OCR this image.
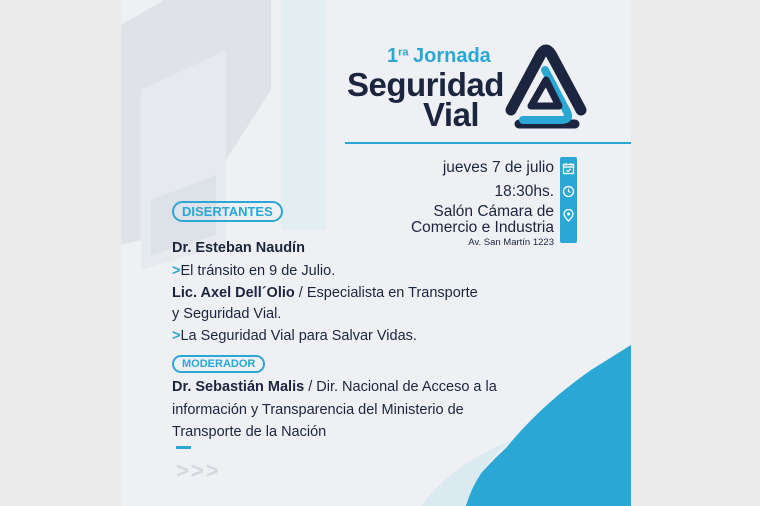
$1^{ra}$ Jornada
Seguridad
Vial
jueves 7 de julio
18:30hs.
Salón Cámara de
Comercio e Industria
Av. San Martín 1223
DISERTANTES
Dr. Esteban Naudín
>El tránsito en 9 de Julio.
Lic. Axel Dell´Olio / Especialista en Transporte
y Seguridad Vial.
>La Seguridad Vial para Salvar Vidas.
MODERADOR
Dr. Sebastián Malis / Dir. Nacional de Acceso a la
información y Transparencia del Ministerio de
Transporte de la Nación
>>>
